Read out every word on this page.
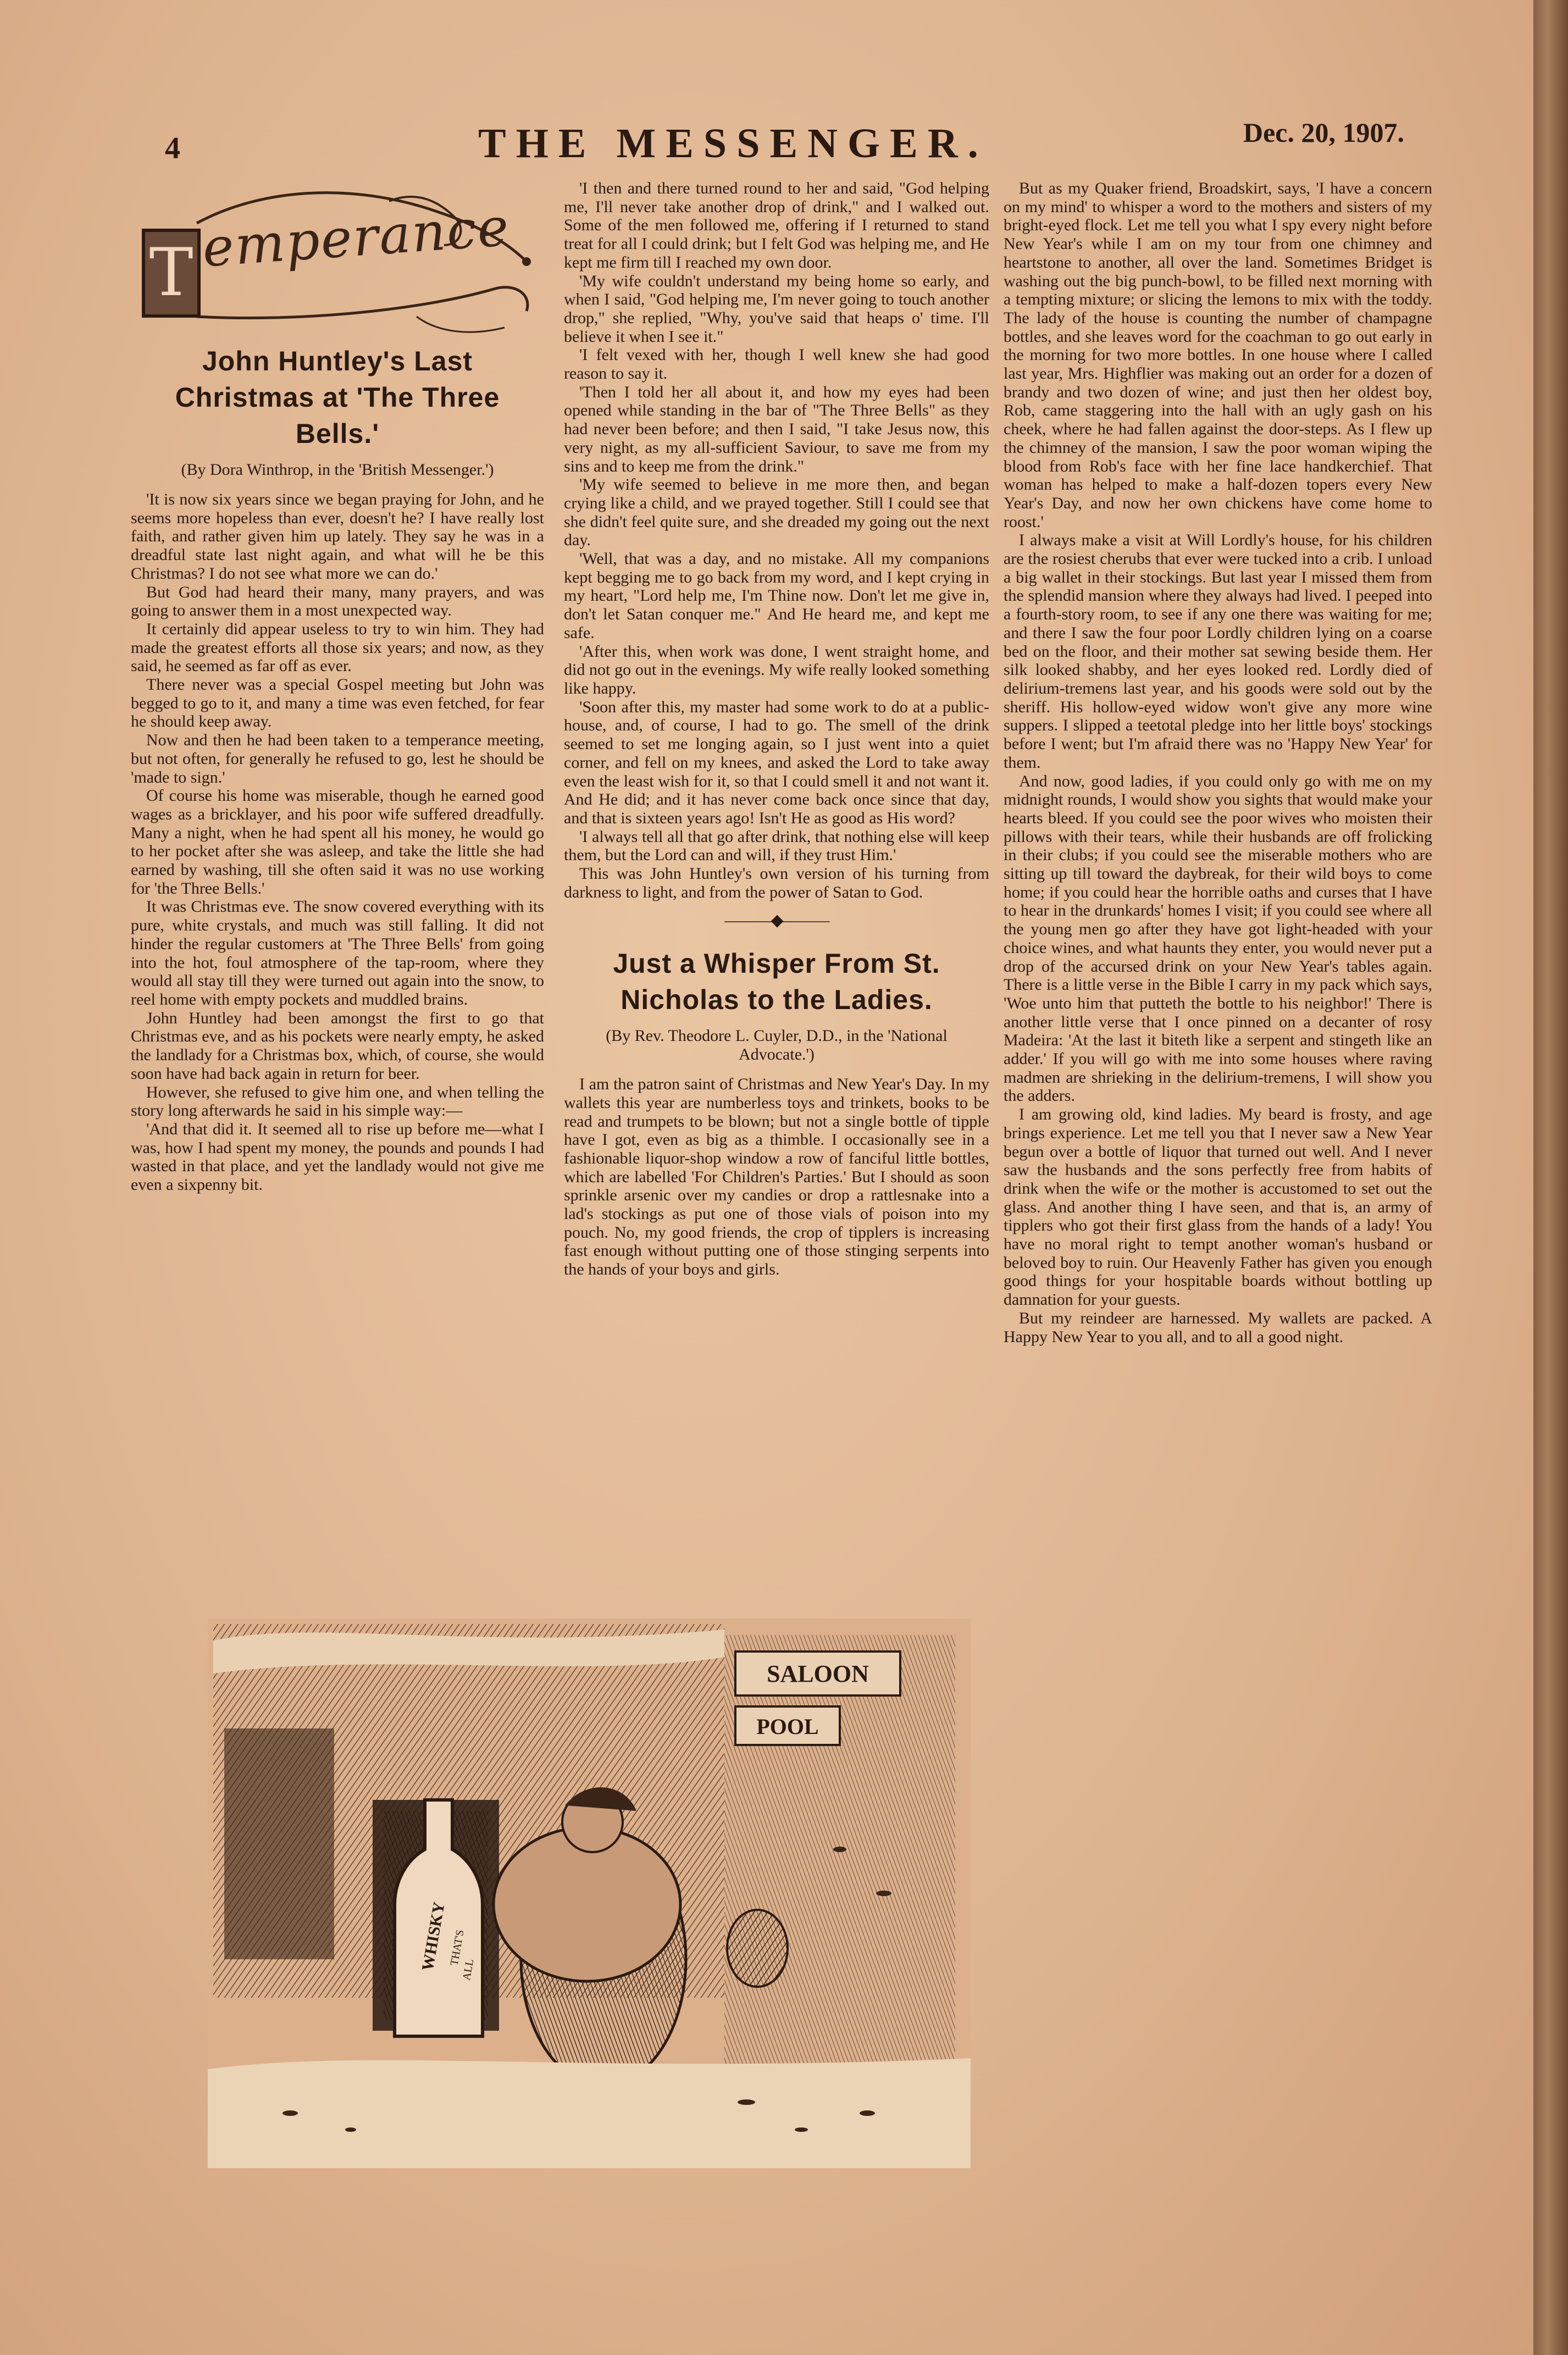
4	THE MESSENGER.	Dec. 20, 1907.
T emperance
John Huntley's Last Christmas at 'The Three Bells.'

(By Dora Winthrop, in the 'British Messenger.')

'It is now six years since we began praying for John, and he seems more hopeless than ever, doesn't he? I have really lost faith, and rather given him up lately. They say he was in a dreadful state last night again, and what will he be this Christmas? I do not see what more we can do.'

But God had heard their many, many prayers, and was going to answer them in a most unexpected way.

It certainly did appear useless to try to win him. They had made the greatest efforts all those six years; and now, as they said, he seemed as far off as ever.

There never was a special Gospel meeting but John was begged to go to it, and many a time was even fetched, for fear he should keep away.

Now and then he had been taken to a temperance meeting, but not often, for generally he refused to go, lest he should be 'made to sign.'

Of course his home was miserable, though he earned good wages as a bricklayer, and his poor wife suffered dreadfully. Many a night, when he had spent all his money, he would go to her pocket after she was asleep, and take the little she had earned by washing, till she often said it was no use working for 'the Three Bells.'

It was Christmas eve. The snow covered everything with its pure, white crystals, and much was still falling. It did not hinder the regular customers at 'The Three Bells' from going into the hot, foul atmosphere of the tap-room, where they would all stay till they were turned out again into the snow, to reel home with empty pockets and muddled brains.

John Huntley had been amongst the first to go that Christmas eve, and as his pockets were nearly empty, he asked the landlady for a Christmas box, which, of course, she would soon have had back again in return for beer.

However, she refused to give him one, and when telling the story long afterwards he said in his simple way:—

'And that did it. It seemed all to rise up before me—what I was, how I had spent my money, the pounds and pounds I had wasted in that place, and yet the landlady would not give me even a sixpenny bit.

'I then and there turned round to her and said, "God helping me, I'll never take another drop of drink," and I walked out. Some of the men followed me, offering if I returned to stand treat for all I could drink; but I felt God was helping me, and He kept me firm till I reached my own door.

'My wife couldn't understand my being home so early, and when I said, "God helping me, I'm never going to touch another drop," she replied, "Why, you've said that heaps o' time. I'll believe it when I see it."

'I felt vexed with her, though I well knew she had good reason to say it.

'Then I told her all about it, and how my eyes had been opened while standing in the bar of "The Three Bells" as they had never been before; and then I said, "I take Jesus now, this very night, as my all-sufficient Saviour, to save me from my sins and to keep me from the drink."

'My wife seemed to believe in me more then, and began crying like a child, and we prayed together. Still I could see that she didn't feel quite sure, and she dreaded my going out the next day.

'Well, that was a day, and no mistake. All my companions kept begging me to go back from my word, and I kept crying in my heart, "Lord help me, I'm Thine now. Don't let me give in, don't let Satan conquer me." And He heard me, and kept me safe.

'After this, when work was done, I went straight home, and did not go out in the evenings. My wife really looked something like happy.

'Soon after this, my master had some work to do at a public-house, and, of course, I had to go. The smell of the drink seemed to set me longing again, so I just went into a quiet corner, and fell on my knees, and asked the Lord to take away even the least wish for it, so that I could smell it and not want it. And He did; and it has never come back once since that day, and that is sixteen years ago! Isn't He as good as His word?

'I always tell all that go after drink, that nothing else will keep them, but the Lord can and will, if they trust Him.'

This was John Huntley's own version of his turning from darkness to light, and from the power of Satan to God.

———◆———
Just a Whisper From St. Nicholas to the Ladies.

(By Rev. Theodore L. Cuyler, D.D., in the 'National Advocate.')

I am the patron saint of Christmas and New Year's Day. In my wallets this year are numberless toys and trinkets, books to be read and trumpets to be blown; but not a single bottle of tipple have I got, even as big as a thimble. I occasionally see in a fashionable liquor-shop window a row of fanciful little bottles, which are labelled 'For Children's Parties.' But I should as soon sprinkle arsenic over my candies or drop a rattlesnake into a lad's stockings as put one of those vials of poison into my pouch. No, my good friends, the crop of tipplers is increasing fast enough without putting one of those stinging serpents into the hands of your boys and girls.

But as my Quaker friend, Broadskirt, says, 'I have a concern on my mind' to whisper a word to the mothers and sisters of my bright-eyed flock. Let me tell you what I spy every night before New Year's while I am on my tour from one chimney and heartstone to another, all over the land. Sometimes Bridget is washing out the big punch-bowl, to be filled next morning with a tempting mixture; or slicing the lemons to mix with the toddy. The lady of the house is counting the number of champagne bottles, and she leaves word for the coachman to go out early in the morning for two more bottles. In one house where I called last year, Mrs. Highflier was making out an order for a dozen of brandy and two dozen of wine; and just then her oldest boy, Rob, came staggering into the hall with an ugly gash on his cheek, where he had fallen against the door-steps. As I flew up the chimney of the mansion, I saw the poor woman wiping the blood from Rob's face with her fine lace handkerchief. That woman has helped to make a half-dozen topers every New Year's Day, and now her own chickens have come home to roost.'

I always make a visit at Will Lordly's house, for his children are the rosiest cherubs that ever were tucked into a crib. I unload a big wallet in their stockings. But last year I missed them from the splendid mansion where they always had lived. I peeped into a fourth-story room, to see if any one there was waiting for me; and there I saw the four poor Lordly children lying on a coarse bed on the floor, and their mother sat sewing beside them. Her silk looked shabby, and her eyes looked red. Lordly died of delirium-tremens last year, and his goods were sold out by the sheriff. His hollow-eyed widow won't give any more wine suppers. I slipped a teetotal pledge into her little boys' stockings before I went; but I'm afraid there was no 'Happy New Year' for them.

And now, good ladies, if you could only go with me on my midnight rounds, I would show you sights that would make your hearts bleed. If you could see the poor wives who moisten their pillows with their tears, while their husbands are off frolicking in their clubs; if you could see the miserable mothers who are sitting up till toward the daybreak, for their wild boys to come home; if you could hear the horrible oaths and curses that I have to hear in the drunkards' homes I visit; if you could see where all the young men go after they have got light-headed with your choice wines, and what haunts they enter, you would never put a drop of the accursed drink on your New Year's tables again. There is a little verse in the Bible I carry in my pack which says, 'Woe unto him that putteth the bottle to his neighbor!' There is another little verse that I once pinned on a decanter of rosy Madeira: 'At the last it biteth like a serpent and stingeth like an adder.' If you will go with me into some houses where raving madmen are shrieking in the delirium-tremens, I will show you the adders.

I am growing old, kind ladies. My beard is frosty, and age brings experience. Let me tell you that I never saw a New Year begun over a bottle of liquor that turned out well. And I never saw the husbands and the sons perfectly free from habits of drink when the wife or the mother is accustomed to set out the glass. And another thing I have seen, and that is, an army of tipplers who got their first glass from the hands of a lady! You have no moral right to tempt another woman's husband or beloved boy to ruin. Our Heavenly Father has given you enough good things for your hospitable boards without bottling up damnation for your guests.

But my reindeer are harnessed. My wallets are packed. A Happy New Year to you all, and to all a good night.

SALOON
POOL
WHISKY THAT'S
ALL
